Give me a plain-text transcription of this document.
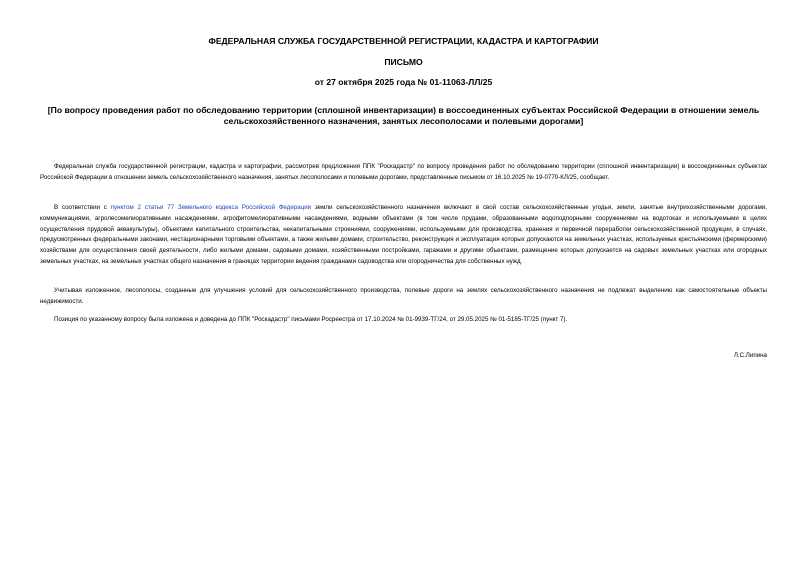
ФЕДЕРАЛЬНАЯ СЛУЖБА ГОСУДАРСТВЕННОЙ РЕГИСТРАЦИИ, КАДАСТРА И КАРТОГРАФИИ
ПИСЬМО
от 27 октября 2025 года № 01-11063-ЛЛ/25
[По вопросу проведения работ по обследованию территории (сплошной инвентаризации) в воссоединенных субъектах Российской Федерации в отношении земель сельскохозяйственного назначения, занятых лесополосами и полевыми дорогами]

Федеральная служба государственной регистрации, кадастра и картографии, рассмотрев предложения ППК "Роскадастр" по вопросу проведения работ по обследованию территории (сплошной инвентаризации) в воссоединенных субъектах Российской Федерации в отношении земель сельскохозяйственного назначения, занятых лесополосами и полевыми дорогами, представленные письмом от 16.10.2025 № 19-0770-КЛ/25, сообщает.

В соответствии с пунктом 2 статьи 77 Земельного кодекса Российской Федерации земли сельскохозяйственного назначения включают в свой состав сельскохозяйственные угодья, земли, занятые внутрихозяйственными дорогами, коммуникациями, агролесомелиоративными насаждениями, агрофитомелиоративными насаждениями, водными объектами (в том числе прудами, образованными водоподпорными сооружениями на водотоках и используемыми в целях осуществления прудовой аквакультуры), объектами капитального строительства, некапитальными строениями, сооружениями, используемыми для производства, хранения и первичной переработки сельскохозяйственной продукции, в случаях, предусмотренных федеральными законами, нестационарными торговыми объектами, а также жилыми домами, строительство, реконструкция и эксплуатация которых допускаются на земельных участках, используемых крестьянскими (фермерскими) хозяйствами для осуществления своей деятельности, либо жилыми домами, садовыми домами, хозяйственными постройками, гаражами и другими объектами, размещение которых допускается на садовых земельных участках или огородных земельных участках, на земельных участках общего назначения в границах территории ведения гражданами садоводства или огородничества для собственных нужд.

Учитывая изложенное, лесополосы, созданные для улучшения условий для сельскохозяйственного производства, полевые дороги на землях сельскохозяйственного назначения не подлежат выделению как самостоятельные объекты недвижимости.

Позиция по указанному вопросу была изложена и доведена до ППК "Роскадастр" письмами Росреестра от 17.10.2024 № 01-9939-ТГ/24, от 29.05.2025 № 01-5185-ТГ/25 (пункт 7).

Л.С.Липина
